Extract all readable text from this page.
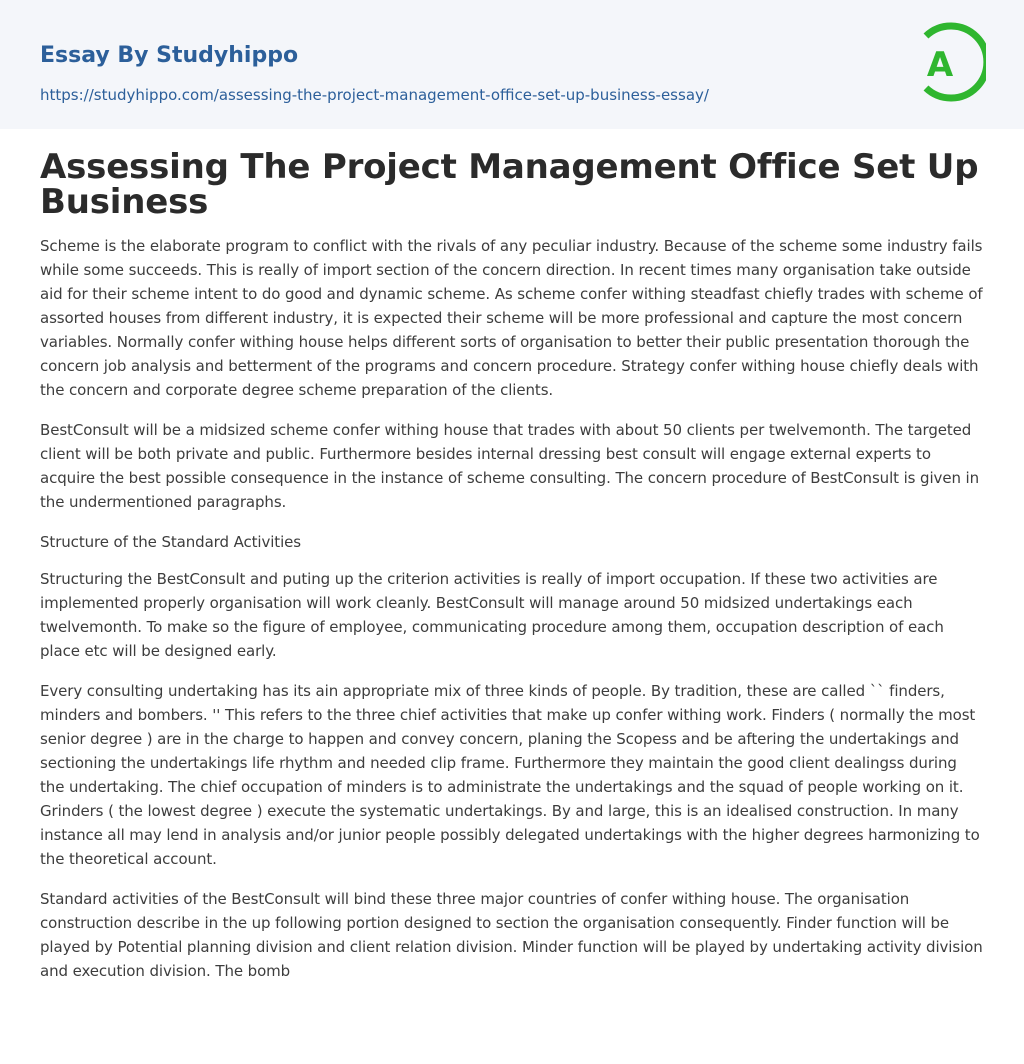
Essay By Studyhippo
https://studyhippo.com/assessing-the-project-management-office-set-up-business-essay/
A
Assessing The Project Management Office Set Up Business

Scheme is the elaborate program to conflict with the rivals of any peculiar industry. Because of the scheme some industry fails while some succeeds. This is really of import section of the concern direction. In recent times many organisation take outside aid for their scheme intent to do good and dynamic scheme. As scheme confer withing steadfast chiefly trades with scheme of assorted houses from different industry, it is expected their scheme will be more professional and capture the most concern variables. Normally confer withing house helps different sorts of organisation to better their public presentation thorough the concern job analysis and betterment of the programs and concern procedure. Strategy confer withing house chiefly deals with the concern and corporate degree scheme preparation of the clients.

BestConsult will be a midsized scheme confer withing house that trades with about 50 clients per twelvemonth. The targeted client will be both private and public. Furthermore besides internal dressing best consult will engage external experts to acquire the best possible consequence in the instance of scheme consulting. The concern procedure of BestConsult is given in the undermentioned paragraphs.

Structure of the Standard Activities

Structuring the BestConsult and puting up the criterion activities is really of import occupation. If these two activities are implemented properly organisation will work cleanly. BestConsult will manage around 50 midsized undertakings each twelvemonth. To make so the figure of employee, communicating procedure among them, occupation description of each place etc will be designed early.

Every consulting undertaking has its ain appropriate mix of three kinds of people. By tradition, these are called `` finders, minders and bombers. '' This refers to the three chief activities that make up confer withing work. Finders ( normally the most senior degree ) are in the charge to happen and convey concern, planing the Scopess and be aftering the undertakings and sectioning the undertakings life rhythm and needed clip frame. Furthermore they maintain the good client dealingss during the undertaking. The chief occupation of minders is to administrate the undertakings and the squad of people working on it. Grinders ( the lowest degree ) execute the systematic undertakings. By and large, this is an idealised construction. In many instance all may lend in analysis and/or junior people possibly delegated undertakings with the higher degrees harmonizing to the theoretical account.

Standard activities of the BestConsult will bind these three major countries of confer withing house. The organisation construction describe in the up following portion designed to section the organisation consequently. Finder function will be played by Potential planning division and client relation division. Minder function will be played by undertaking activity division and execution division. The bomb
